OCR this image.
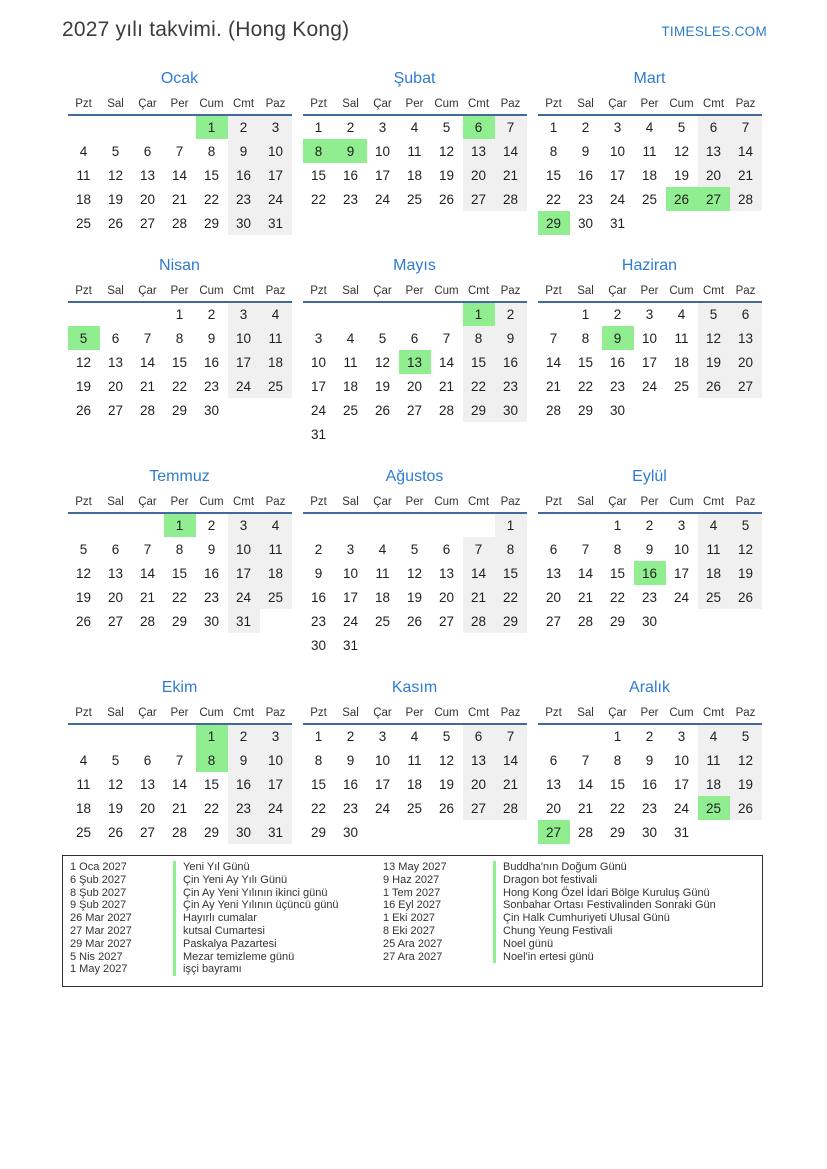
2027 yılı takvimi. (Hong Kong)	TIMESLES.COM
Ocak
Pzt	Sal	Çar	Per	Cum	Cmt	Paz
				1	2	3
4	5	6	7	8	9	10
11	12	13	14	15	16	17
18	19	20	21	22	23	24
25	26	27	28	29	30	31
Şubat
Pzt	Sal	Çar	Per	Cum	Cmt	Paz
1	2	3	4	5	6	7
8	9	10	11	12	13	14
15	16	17	18	19	20	21
22	23	24	25	26	27	28
Mart
Pzt	Sal	Çar	Per	Cum	Cmt	Paz
1	2	3	4	5	6	7
8	9	10	11	12	13	14
15	16	17	18	19	20	21
22	23	24	25	26	27	28
29	30	31				
Nisan
Pzt	Sal	Çar	Per	Cum	Cmt	Paz
			1	2	3	4
5	6	7	8	9	10	11
12	13	14	15	16	17	18
19	20	21	22	23	24	25
26	27	28	29	30		
Mayıs
Pzt	Sal	Çar	Per	Cum	Cmt	Paz
					1	2
3	4	5	6	7	8	9
10	11	12	13	14	15	16
17	18	19	20	21	22	23
24	25	26	27	28	29	30
31						
Haziran
Pzt	Sal	Çar	Per	Cum	Cmt	Paz
	1	2	3	4	5	6
7	8	9	10	11	12	13
14	15	16	17	18	19	20
21	22	23	24	25	26	27
28	29	30				
Temmuz
Pzt	Sal	Çar	Per	Cum	Cmt	Paz
			1	2	3	4
5	6	7	8	9	10	11
12	13	14	15	16	17	18
19	20	21	22	23	24	25
26	27	28	29	30	31	
Ağustos
Pzt	Sal	Çar	Per	Cum	Cmt	Paz
						1
2	3	4	5	6	7	8
9	10	11	12	13	14	15
16	17	18	19	20	21	22
23	24	25	26	27	28	29
30	31					
Eylül
Pzt	Sal	Çar	Per	Cum	Cmt	Paz
		1	2	3	4	5
6	7	8	9	10	11	12
13	14	15	16	17	18	19
20	21	22	23	24	25	26
27	28	29	30			
Ekim
Pzt	Sal	Çar	Per	Cum	Cmt	Paz
				1	2	3
4	5	6	7	8	9	10
11	12	13	14	15	16	17
18	19	20	21	22	23	24
25	26	27	28	29	30	31
Kasım
Pzt	Sal	Çar	Per	Cum	Cmt	Paz
1	2	3	4	5	6	7
8	9	10	11	12	13	14
15	16	17	18	19	20	21
22	23	24	25	26	27	28
29	30					
Aralık
Pzt	Sal	Çar	Per	Cum	Cmt	Paz
		1	2	3	4	5
6	7	8	9	10	11	12
13	14	15	16	17	18	19
20	21	22	23	24	25	26
27	28	29	30	31		
1 Oca 2027	Yeni Yıl Günü
6 Şub 2027	Çin Yeni Ay Yılı Günü
8 Şub 2027	Çin Ay Yeni Yılının ikinci günü
9 Şub 2027	Çin Ay Yeni Yılının üçüncü günü
26 Mar 2027	Hayırlı cumalar
27 Mar 2027	kutsal Cumartesi
29 Mar 2027	Paskalya Pazartesi
5 Nis 2027	Mezar temizleme günü
1 May 2027	işçi bayramı
13 May 2027	Buddha'nın Doğum Günü
9 Haz 2027	Dragon bot festivali
1 Tem 2027	Hong Kong Özel İdari Bölge Kuruluş Günü
16 Eyl 2027	Sonbahar Ortası Festivalinden Sonraki Gün
1 Eki 2027	Çin Halk Cumhuriyeti Ulusal Günü
8 Eki 2027	Chung Yeung Festivali
25 Ara 2027	Noel günü
27 Ara 2027	Noel'in ertesi günü
